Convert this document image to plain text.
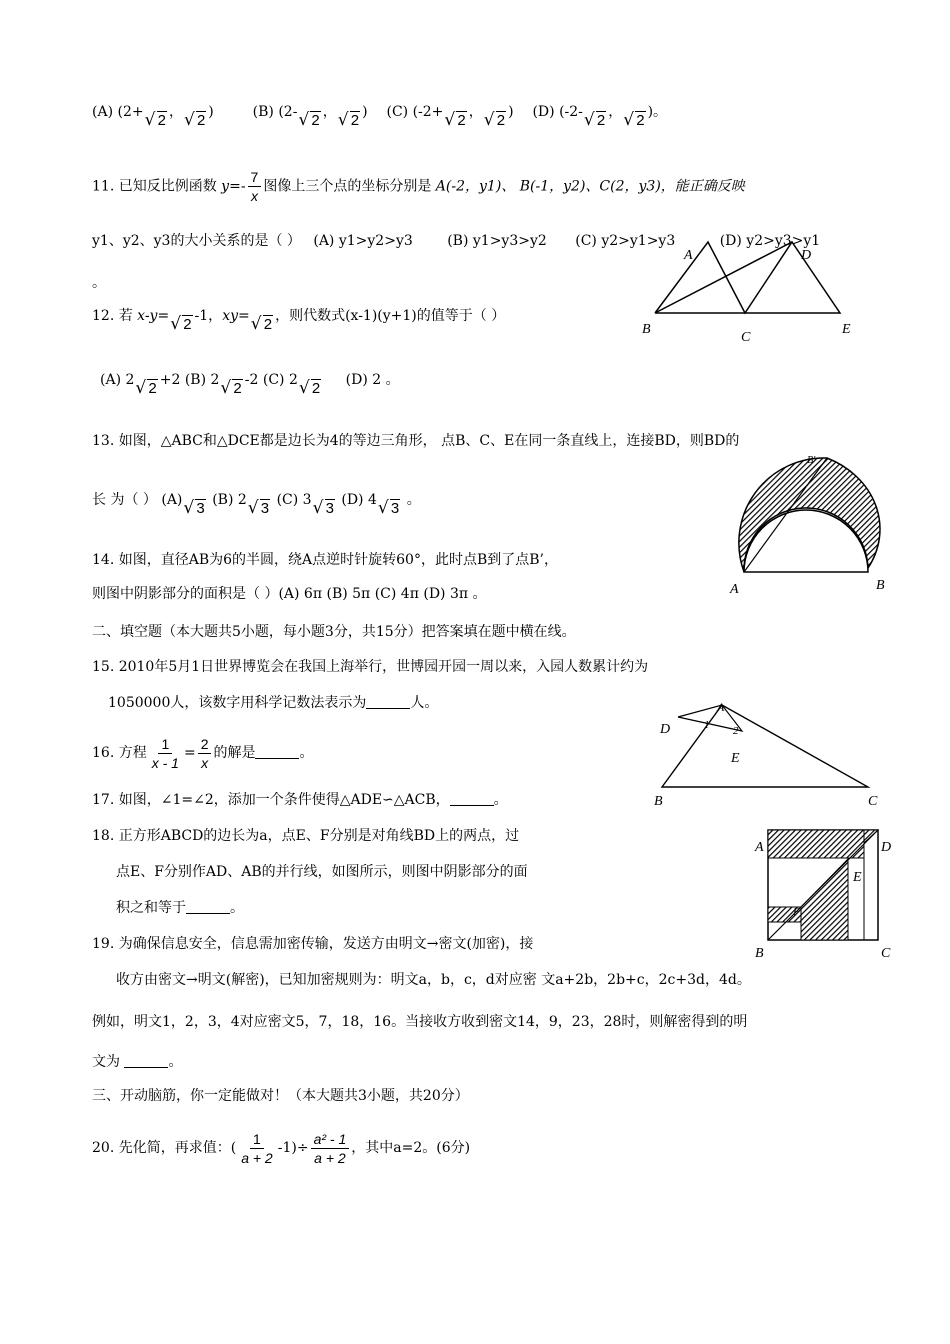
(A) (2+ √ 2 ， √ 2 )	(B) (2- √ 2 ， √ 2 ) (C) (-2+ √ 2 ， √ 2 ) (D) (-2- √ 2 ， √ 2 )。
11. 已知反比例函数 $y=- \frac{7}{x}$ 图像上三个点的坐标分别是 A(-2，y1)、 B(-1，y2)、C(2，y3)，能正确反映
y1、y2、y3的大小关系的是（ ） (A) y1>y2>y3 (B) y1>y3>y2 (C) y2>y1>y3	(D) y2>y3>y1
。
12. 若 x-y= √ 2 -1，xy= √ 2 ，则代数式(x-1)(y+1)的值等于（ ）
(A) 2 √ 2 +2 (B) 2 √ 2 -2 (C) 2 √ 2 (D) 2 。
13. 如图，△ABC和△DCE都是边长为4的等边三角形， 点B、C、E在同一条直线上，连接BD，则BD的
长 为（ ） (A) √ 3 (B) 2 √ 3 (C) 3 √ 3 (D) 4 √ 3 。
14. 如图，直径AB为6的半圆，绕A点逆时针旋转60°，此时点B到了点B’，
则图中阴影部分的面积是（ ）(A) 6π (B) 5π (C) 4π (D) 3π 。
二、填空题（本大题共5小题，每小题3分，共15分）把答案填在题中横在线。
15. 2010年5月1日世界博览会在我国上海举行，世博园开园一周以来，入园人数累计约为
1050000人，该数字用科学记数法表示为	人。
16. 方程 $\frac{1}{x - 1} = \frac{2}{x}$ 的解是	。
17. 如图，∠1=∠2，添加一个条件使得△ADE∽△ACB，	。
18. 正方形ABCD的边长为a，点E、F分别是对角线BD上的两点，过
点E、F分别作AD、AB的并行线，如图所示，则图中阴影部分的面
积之和等于	。
19. 为确保信息安全，信息需加密传输，发送方由明文→密文(加密)，接
收方由密文→明文(解密)，已知加密规则为：明文a，b，c，d对应密 文a+2b，2b+c，2c+3d，4d。
例如，明文1，2，3，4对应密文5，7，18，16。当接收方收到密文14，9，23，28时，则解密得到的明
文为	。
三、开动脑筋，你一定能做对！（本大题共3小题，共20分）
20. 先化简，再求值：( $\frac{1}{a + 2} -1)\div \frac{\text{a² - 1}}{a + 2}$ ，其中a=2。(6分)
A	D
B
C
E
A	B
B'
A
D	1 2
E
B	C
A	D
E
F
B	C
